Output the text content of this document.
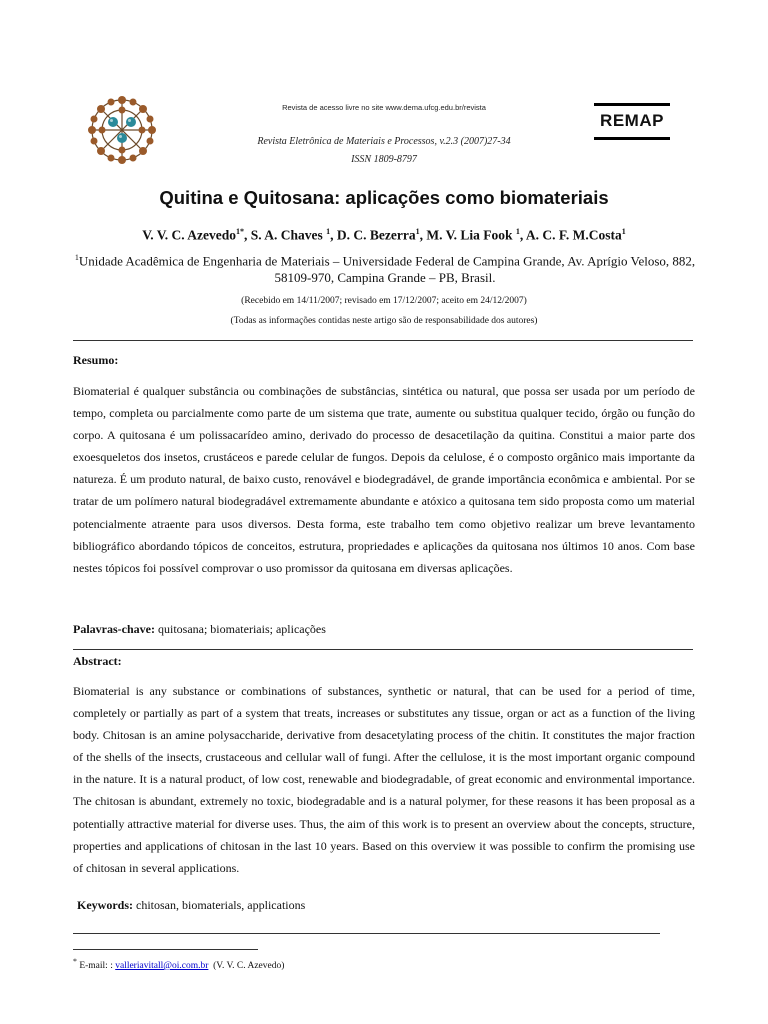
Revista de acesso livre no site www.dema.ufcg.edu.br/revista
Revista Eletrônica de Materiais e Processos, v.2.3 (2007)27-34
ISSN 1809-8797
REMAP
Quitina e Quitosana: aplicações como biomateriais
V. V. C. Azevedo$^{1*}$, S. A. Chaves $^1$, D. C. Bezerra$^1$, M. V. Lia Fook $^1$, A. C. F. M.Costa$^1$
$^1$Unidade Acadêmica de Engenharia de Materiais – Universidade Federal de Campina Grande, Av. Aprígio Veloso, 882, 58109-970, Campina Grande – PB, Brasil.
(Recebido em 14/11/2007; revisado em 17/12/2007; aceito em 24/12/2007)
(Todas as informações contidas neste artigo são de responsabilidade dos autores)
Resumo:
Biomaterial é qualquer substância ou combinações de substâncias, sintética ou natural, que possa ser usada por um período de tempo, completa ou parcialmente como parte de um sistema que trate, aumente ou substitua qualquer tecido, órgão ou função do corpo. A quitosana é um polissacarídeo amino, derivado do processo de desacetilação da quitina. Constitui a maior parte dos exoesqueletos dos insetos, crustáceos e parede celular de fungos. Depois da celulose, é o composto orgânico mais importante da natureza. É um produto natural, de baixo custo, renovável e biodegradável, de grande importância econômica e ambiental. Por se tratar de um polímero natural biodegradável extremamente abundante e atóxico a quitosana tem sido proposta como um material potencialmente atraente para usos diversos. Desta forma, este trabalho tem como objetivo realizar um breve levantamento bibliográfico abordando tópicos de conceitos, estrutura, propriedades e aplicações da quitosana nos últimos 10 anos. Com base nestes tópicos foi possível comprovar o uso promissor da quitosana em diversas aplicações.
Palavras-chave: quitosana; biomateriais; aplicações
Abstract:
Biomaterial is any substance or combinations of substances, synthetic or natural, that can be used for a period of time, completely or partially as part of a system that treats, increases or substitutes any tissue, organ or act as a function of the living body. Chitosan is an amine polysaccharide, derivative from desacetylating process of the chitin. It constitutes the major fraction of the shells of the insects, crustaceous and cellular wall of fungi. After the cellulose, it is the most important organic compound in the nature. It is a natural product, of low cost, renewable and biodegradable, of great economic and environmental importance. The chitosan is abundant, extremely no toxic, biodegradable and is a natural polymer, for these reasons it has been proposal as a potentially attractive material for diverse uses. Thus, the aim of this work is to present an overview about the concepts, structure, properties and applications of chitosan in the last 10 years. Based on this overview it was possible to confirm the promising use of chitosan in several applications.
Keywords: chitosan, biomaterials, applications
* E-mail: : valleriavitall@oi.com.br (V. V. C. Azevedo)
